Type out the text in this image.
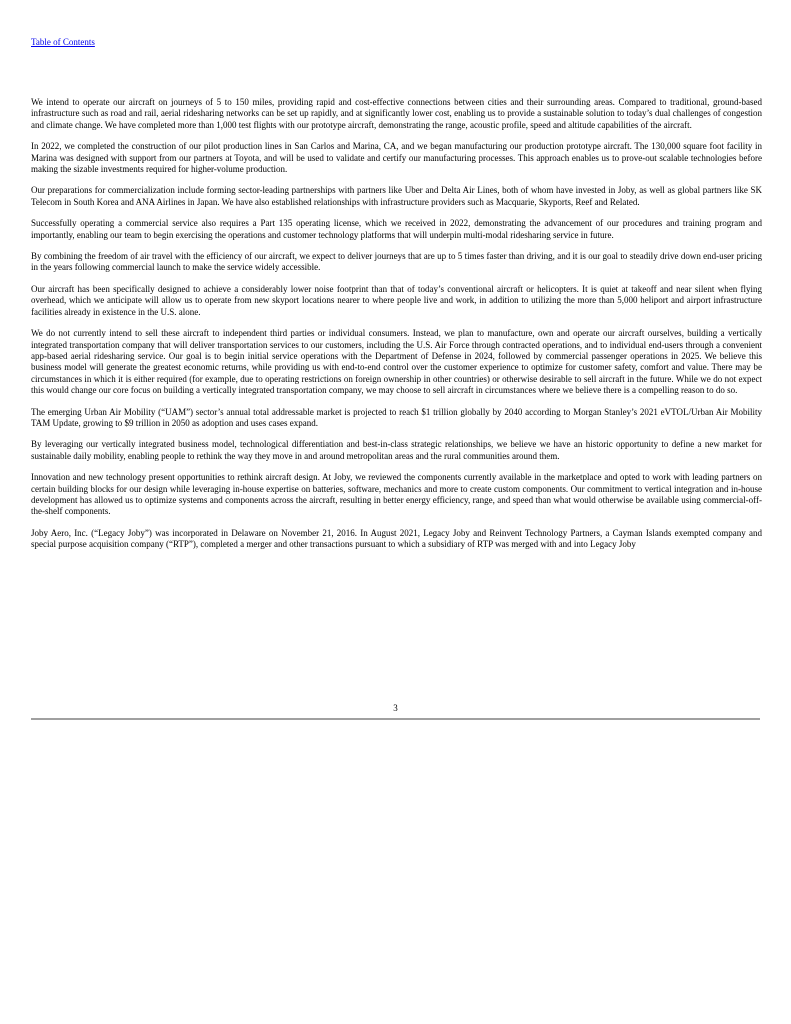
Table of Contents

We intend to operate our aircraft on journeys of 5 to 150 miles, providing rapid and cost-effective connections between cities and their surrounding areas. Compared to traditional, ground-based infrastructure such as road and rail, aerial ridesharing networks can be set up rapidly, and at significantly lower cost, enabling us to provide a sustainable solution to today’s dual challenges of congestion and climate change. We have completed more than 1,000 test flights with our prototype aircraft, demonstrating the range, acoustic profile, speed and altitude capabilities of the aircraft.

In 2022, we completed the construction of our pilot production lines in San Carlos and Marina, CA, and we began manufacturing our production prototype aircraft. The 130,000 square foot facility in Marina was designed with support from our partners at Toyota, and will be used to validate and certify our manufacturing processes. This approach enables us to prove-out scalable technologies before making the sizable investments required for higher-volume production.

Our preparations for commercialization include forming sector-leading partnerships with partners like Uber and Delta Air Lines, both of whom have invested in Joby, as well as global partners like SK Telecom in South Korea and ANA Airlines in Japan. We have also established relationships with infrastructure providers such as Macquarie, Skyports, Reef and Related.

Successfully operating a commercial service also requires a Part 135 operating license, which we received in 2022, demonstrating the advancement of our procedures and training program and importantly, enabling our team to begin exercising the operations and customer technology platforms that will underpin multi-modal ridesharing service in future.

By combining the freedom of air travel with the efficiency of our aircraft, we expect to deliver journeys that are up to 5 times faster than driving, and it is our goal to steadily drive down end-user pricing in the years following commercial launch to make the service widely accessible.

Our aircraft has been specifically designed to achieve a considerably lower noise footprint than that of today’s conventional aircraft or helicopters. It is quiet at takeoff and near silent when flying overhead, which we anticipate will allow us to operate from new skyport locations nearer to where people live and work, in addition to utilizing the more than 5,000 heliport and airport infrastructure facilities already in existence in the U.S. alone.

We do not currently intend to sell these aircraft to independent third parties or individual consumers. Instead, we plan to manufacture, own and operate our aircraft ourselves, building a vertically integrated transportation company that will deliver transportation services to our customers, including the U.S. Air Force through contracted operations, and to individual end-users through a convenient app-based aerial ridesharing service. Our goal is to begin initial service operations with the Department of Defense in 2024, followed by commercial passenger operations in 2025. We believe this business model will generate the greatest economic returns, while providing us with end-to-end control over the customer experience to optimize for customer safety, comfort and value. There may be circumstances in which it is either required (for example, due to operating restrictions on foreign ownership in other countries) or otherwise desirable to sell aircraft in the future. While we do not expect this would change our core focus on building a vertically integrated transportation company, we may choose to sell aircraft in circumstances where we believe there is a compelling reason to do so.

The emerging Urban Air Mobility (“UAM”) sector’s annual total addressable market is projected to reach $1 trillion globally by 2040 according to Morgan Stanley’s 2021 eVTOL/Urban Air Mobility TAM Update, growing to $9 trillion in 2050 as adoption and uses cases expand.

By leveraging our vertically integrated business model, technological differentiation and best-in-class strategic relationships, we believe we have an historic opportunity to define a new market for sustainable daily mobility, enabling people to rethink the way they move in and around metropolitan areas and the rural communities around them.

Innovation and new technology present opportunities to rethink aircraft design. At Joby, we reviewed the components currently available in the marketplace and opted to work with leading partners on certain building blocks for our design while leveraging in-house expertise on batteries, software, mechanics and more to create custom components. Our commitment to vertical integration and in-house development has allowed us to optimize systems and components across the aircraft, resulting in better energy efficiency, range, and speed than what would otherwise be available using commercial-off-the-shelf components.

Joby Aero, Inc. (“Legacy Joby”) was incorporated in Delaware on November 21, 2016. In August 2021, Legacy Joby and Reinvent Technology Partners, a Cayman Islands exempted company and special purpose acquisition company (“RTP”), completed a merger and other transactions pursuant to which a subsidiary of RTP was merged with and into Legacy Joby

3
